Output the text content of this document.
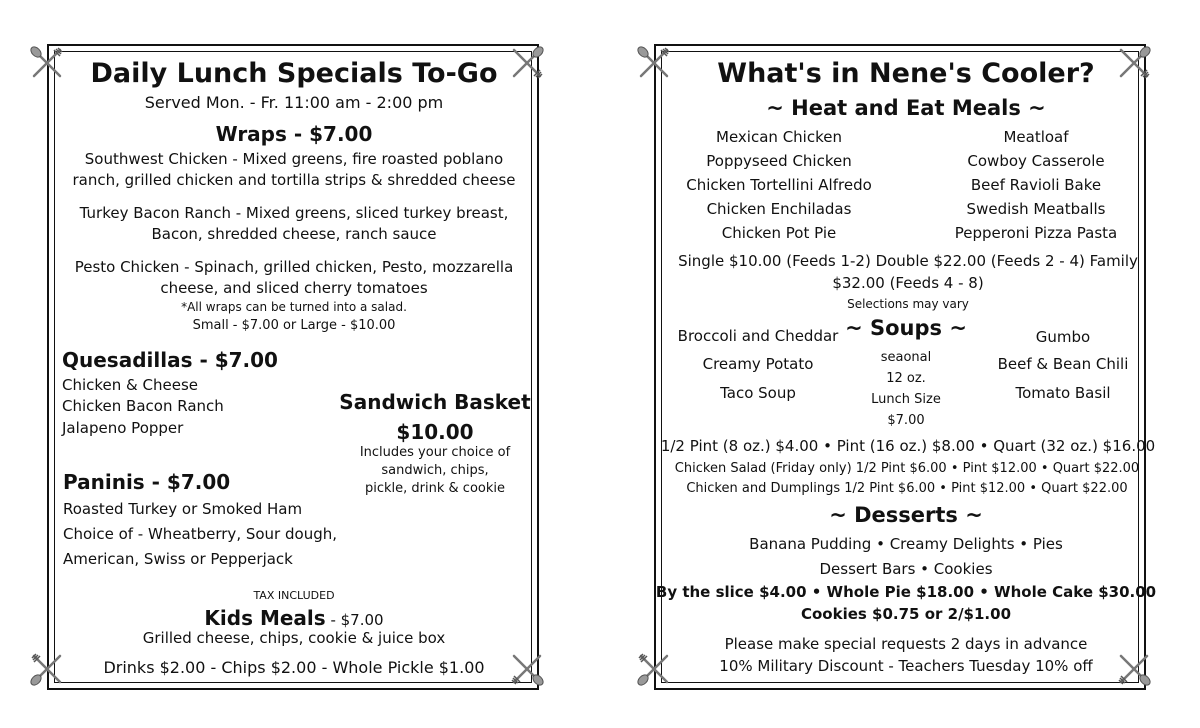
Daily Lunch Specials To-Go
Served Mon. - Fr. 11:00 am - 2:00 pm
Wraps - $7.00
Southwest Chicken - Mixed greens, fire roasted poblano
ranch, grilled chicken and tortilla strips & shredded cheese
Turkey Bacon Ranch - Mixed greens, sliced turkey breast,
Bacon, shredded cheese, ranch sauce
Pesto Chicken - Spinach, grilled chicken, Pesto, mozzarella
cheese, and sliced cherry tomatoes
*All wraps can be turned into a salad.
Small - $7.00 or Large - $10.00
Quesadillas - $7.00
Chicken & Cheese
Chicken Bacon Ranch
Jalapeno Popper
Sandwich Basket
$10.00
Includes your choice of
sandwich, chips,
pickle, drink & cookie
Paninis - $7.00
Roasted Turkey or Smoked Ham
Choice of - Wheatberry, Sour dough,
American, Swiss or Pepperjack
TAX INCLUDED
Kids Meals - $7.00
Grilled cheese, chips, cookie & juice box
Drinks $2.00 - Chips $2.00 - Whole Pickle $1.00
What's in Nene's Cooler?
~ Heat and Eat Meals ~
Mexican Chicken
Poppyseed Chicken
Chicken Tortellini Alfredo
Chicken Enchiladas
Chicken Pot Pie
Meatloaf
Cowboy Casserole
Beef Ravioli Bake
Swedish Meatballs
Pepperoni Pizza Pasta
Single $10.00 (Feeds 1-2) Double $22.00 (Feeds 2 - 4) Family
$32.00 (Feeds 4 - 8)
Selections may vary
Broccoli and Cheddar
Creamy Potato
Taco Soup
~ Soups ~
seaonal
12 oz.
Lunch Size
$7.00
Gumbo
Beef & Bean Chili
Tomato Basil
1/2 Pint (8 oz.) $4.00 • Pint (16 oz.) $8.00 • Quart (32 oz.) $16.00
Chicken Salad (Friday only) 1/2 Pint $6.00 • Pint $12.00 • Quart $22.00
Chicken and Dumplings 1/2 Pint $6.00 • Pint $12.00 • Quart $22.00
~ Desserts ~
Banana Pudding • Creamy Delights • Pies
Dessert Bars • Cookies
By the slice $4.00 • Whole Pie $18.00 • Whole Cake $30.00
Cookies $0.75 or 2/$1.00
Please make special requests 2 days in advance
10% Military Discount - Teachers Tuesday 10% off
